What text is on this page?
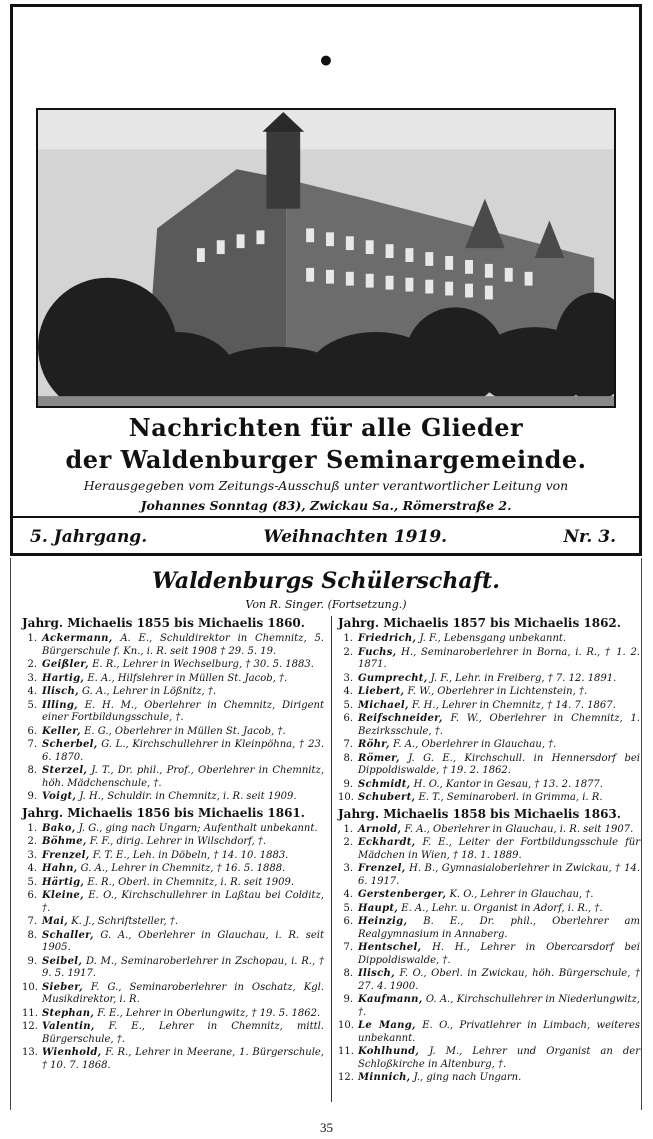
•
Nachrichten für alle Glieder
der Waldenburger Seminargemeinde.
Herausgegeben vom Zeitungs-Ausschuß unter verantwortlicher Leitung von
Johannes Sonntag (83), Zwickau Sa., Römerstraße 2.
5. Jahrgang.	Weihnachten 1919.	Nr. 3.
Waldenburgs Schülerschaft.
Von R. Singer. (Fortsetzung.)
Jahrg. Michaelis 1855 bis Michaelis 1860.
1. Ackermann, A. E., Schuldirektor in Chemnitz, 5. Bürgerschule f. Kn., i. R. seit 1908 † 29. 5. 19.
2. Geißler, E. R., Lehrer in Wechselburg, † 30. 5. 1883.
3. Hartig, E. A., Hilfslehrer in Müllen St. Jacob, †.
4. Ilisch, G. A., Lehrer in Lößnitz, †.
5. Illing, E. H. M., Oberlehrer in Chemnitz, Dirigent einer Fortbildungsschule, †.
6. Keller, E. G., Oberlehrer in Müllen St. Jacob, †.
7. Scherbel, G. L., Kirchschullehrer in Kleinpöhna, † 23. 6. 1870.
8. Sterzel, J. T., Dr. phil., Prof., Oberlehrer in Chemnitz, höh. Mädchenschule, †.
9. Voigt, J. H., Schuldir. in Chemnitz, i. R. seit 1909.
Jahrg. Michaelis 1856 bis Michaelis 1861.
1. Bako, J. G., ging nach Ungarn; Aufenthalt unbekannt.
2. Böhme, F. F., dirig. Lehrer in Wilschdorf, †.
3. Frenzel, F. T. E., Leh. in Döbeln, † 14. 10. 1883.
4. Hahn, G. A., Lehrer in Chemnitz, † 16. 5. 1888.
5. Härtig, E. R., Oberl. in Chemnitz, i. R. seit 1909.
6. Kleine, E. O., Kirchschullehrer in Laßtau bei Colditz, †.
7. Mai, K. J., Schriftsteller, †.
8. Schaller, G. A., Oberlehrer in Glauchau, i. R. seit 1905.
9. Seibel, D. M., Seminaroberlehrer in Zschopau, i. R., † 9. 5. 1917.
10. Sieber, F. G., Seminaroberlehrer in Oschatz, Kgl. Musikdirektor, i. R.
11. Stephan, F. E., Lehrer in Oberlungwitz, † 19. 5. 1862.
12. Valentin, F. E., Lehrer in Chemnitz, mittl. Bürgerschule, †.
13. Wienhold, F. R., Lehrer in Meerane, 1. Bürgerschule, † 10. 7. 1868.
Jahrg. Michaelis 1857 bis Michaelis 1862.
1. Friedrich, J. F., Lebensgang unbekannt.
2. Fuchs, H., Seminaroberlehrer in Borna, i. R., † 1. 2. 1871.
3. Gumprecht, J. F., Lehr. in Freiberg, † 7. 12. 1891.
4. Liebert, F. W., Oberlehrer in Lichtenstein, †.
5. Michael, F. H., Lehrer in Chemnitz, † 14. 7. 1867.
6. Reifschneider, F. W., Oberlehrer in Chemnitz, 1. Bezirksschule, †.
7. Röhr, F. A., Oberlehrer in Glauchau, †.
8. Römer, J. G. E., Kirchschull. in Hennersdorf bei Dippoldiswalde, † 19. 2. 1862.
9. Schmidt, H. O., Kantor in Gesau, † 13. 2. 1877.
10. Schubert, E. T., Seminaroberl. in Grimma, i. R.
Jahrg. Michaelis 1858 bis Michaelis 1863.
1. Arnold, F. A., Oberlehrer in Glauchau, i. R. seit 1907.
2. Eckhardt, F. E., Leiter der Fortbildungsschule für Mädchen in Wien, † 18. 1. 1889.
3. Frenzel, H. B., Gymnasialoberlehrer in Zwickau, † 14. 6. 1917.
4. Gerstenberger, K. O., Lehrer in Glauchau, †.
5. Haupt, E. A., Lehr. u. Organist in Adorf, i. R., †.
6. Heinzig, B. E., Dr. phil., Oberlehrer am Realgymnasium in Annaberg.
7. Hentschel, H. H., Lehrer in Obercarsdorf bei Dippoldiswalde, †.
8. Ilisch, F. O., Oberl. in Zwickau, höh. Bürgerschule, † 27. 4. 1900.
9. Kaufmann, O. A., Kirchschullehrer in Niederlungwitz, †.
10. Le Mang, E. O., Privatlehrer in Limbach, weiteres unbekannt.
11. Kohlhund, J. M., Lehrer und Organist an der Schloßkirche in Altenburg, †.
12. Minnich, J., ging nach Ungarn.
35
